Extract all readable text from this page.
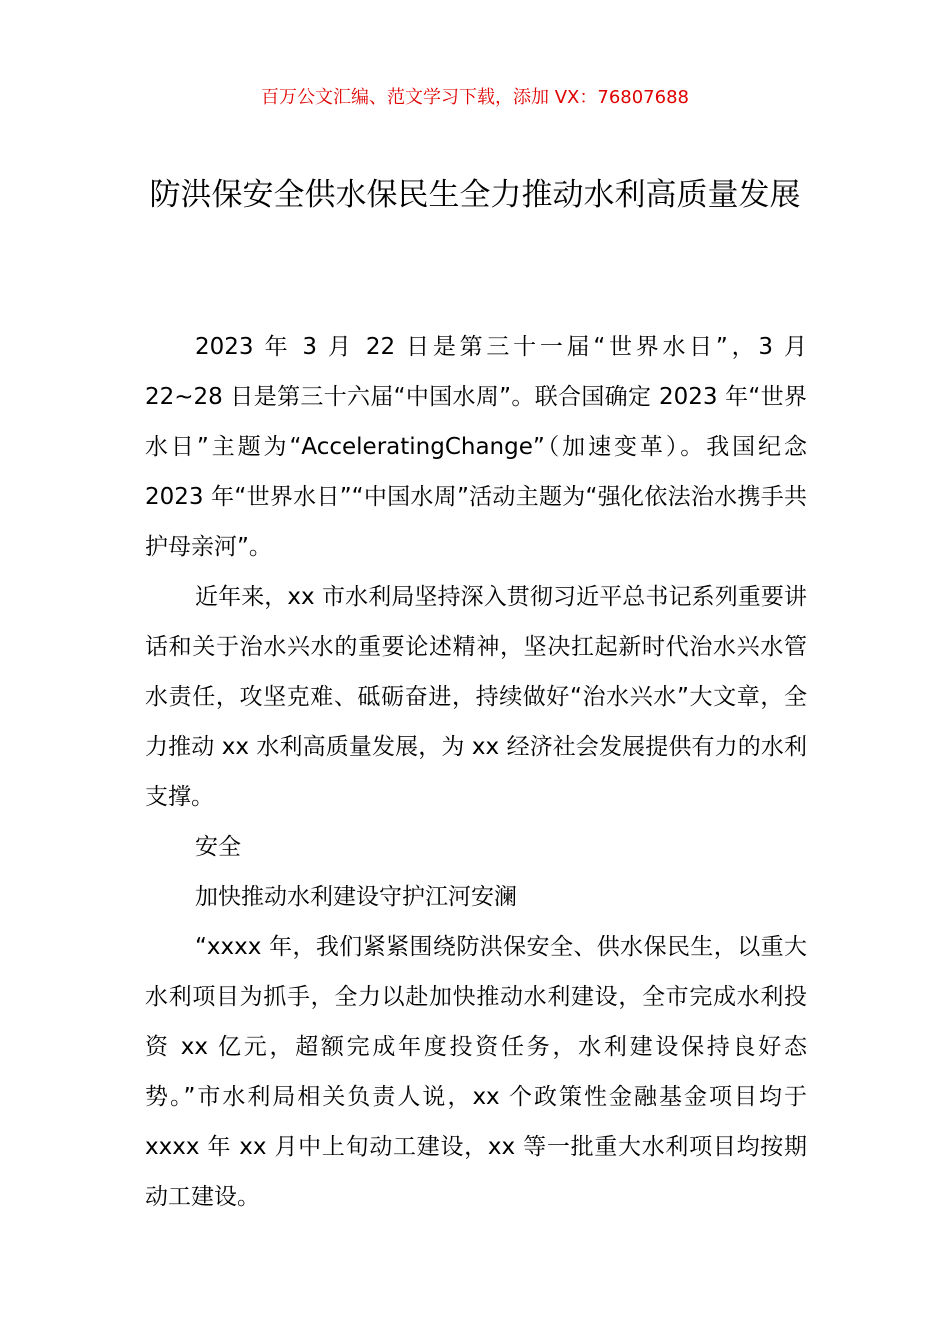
百万公文汇编、范文学习下载，添加 VX：76807688
防洪保安全供水保民生全力推动水利高质量发展

2023 年 3 月 22 日是第三十一届“世界水日”，3 月 22~28 日是第三十六届“中国水周”。联合国确定 2023 年“世界水日”主题为“AcceleratingChange”（加速变革）。我国纪念 2023 年“世界水日”“中国水周”活动主题为“强化依法治水携手共护母亲河”。

近年来，xx 市水利局坚持深入贯彻习近平总书记系列重要讲话和关于治水兴水的重要论述精神，坚决扛起新时代治水兴水管水责任，攻坚克难、砥砺奋进，持续做好“治水兴水”大文章，全力推动 xx 水利高质量发展，为 xx 经济社会发展提供有力的水利支撑。

安全

加快推动水利建设守护江河安澜

“xxxx 年，我们紧紧围绕防洪保安全、供水保民生，以重大水利项目为抓手，全力以赴加快推动水利建设，全市完成水利投资 xx 亿元，超额完成年度投资任务，水利建设保持良好态势。”市水利局相关负责人说，xx 个政策性金融基金项目均于 xxxx 年 xx 月中上旬动工建设，xx 等一批重大水利项目均按期动工建设。
